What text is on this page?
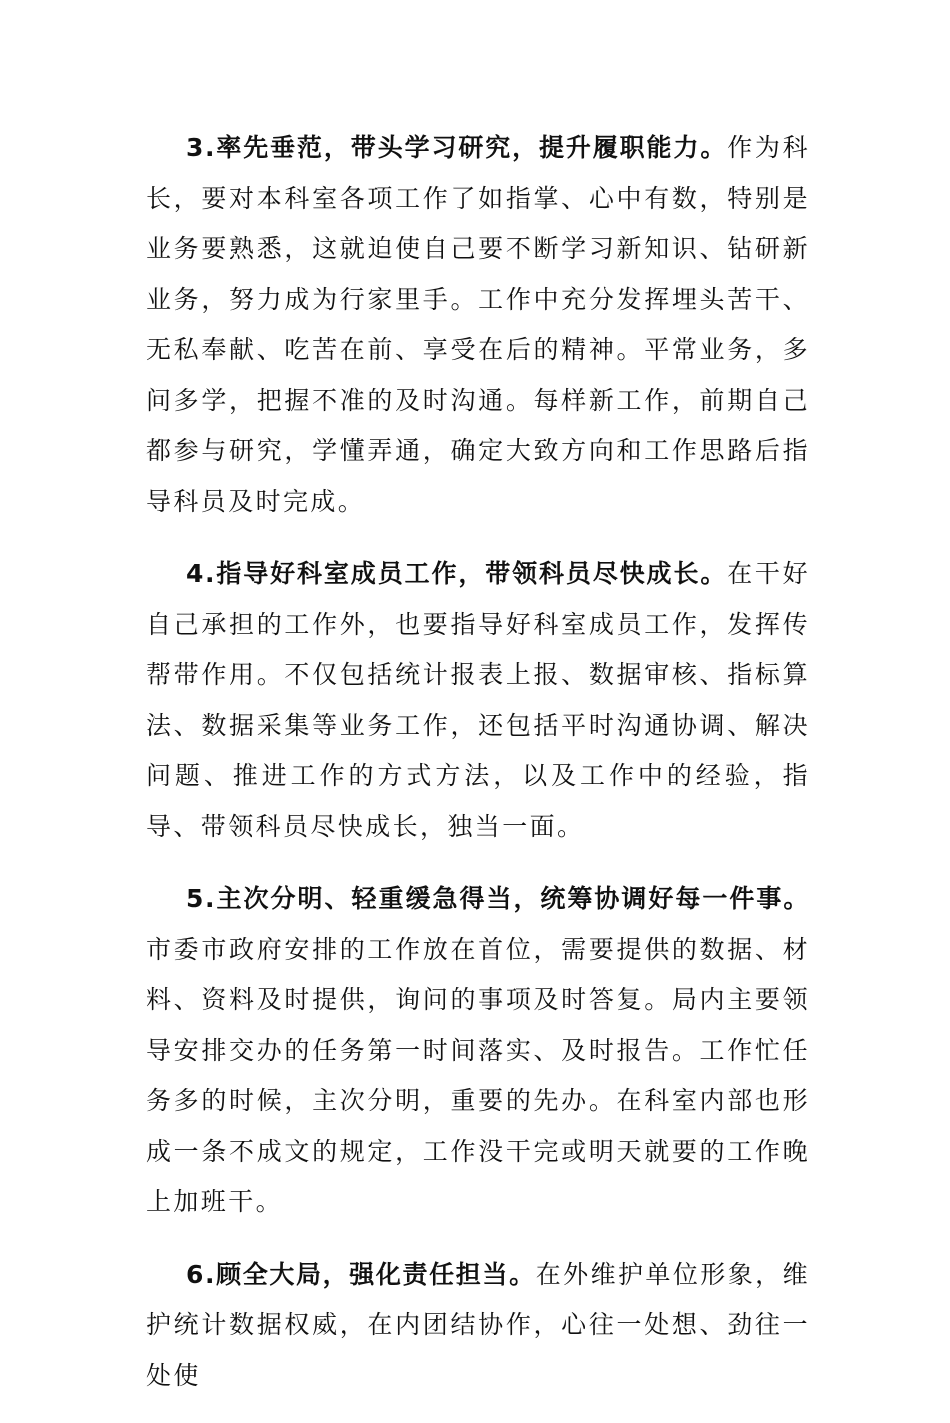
3.率先垂范，带头学习研究，提升履职能力。作为科长，要对本科室各项工作了如指掌、心中有数，特别是业务要熟悉，这就迫使自己要不断学习新知识、钻研新业务，努力成为行家里手。工作中充分发挥埋头苦干、无私奉献、吃苦在前、享受在后的精神。平常业务，多问多学，把握不准的及时沟通。每样新工作，前期自己都参与研究，学懂弄通，确定大致方向和工作思路后指导科员及时完成。

4.指导好科室成员工作，带领科员尽快成长。在干好自己承担的工作外，也要指导好科室成员工作，发挥传帮带作用。不仅包括统计报表上报、数据审核、指标算法、数据采集等业务工作，还包括平时沟通协调、解决问题、推进工作的方式方法，以及工作中的经验，指导、带领科员尽快成长，独当一面。

5.主次分明、轻重缓急得当，统筹协调好每一件事。市委市政府安排的工作放在首位，需要提供的数据、材料、资料及时提供，询问的事项及时答复。局内主要领导安排交办的任务第一时间落实、及时报告。工作忙任务多的时候，主次分明，重要的先办。在科室内部也形成一条不成文的规定，工作没干完或明天就要的工作晚上加班干。

6.顾全大局，强化责任担当。在外维护单位形象，维护统计数据权威，在内团结协作，心往一处想、劲往一处使
